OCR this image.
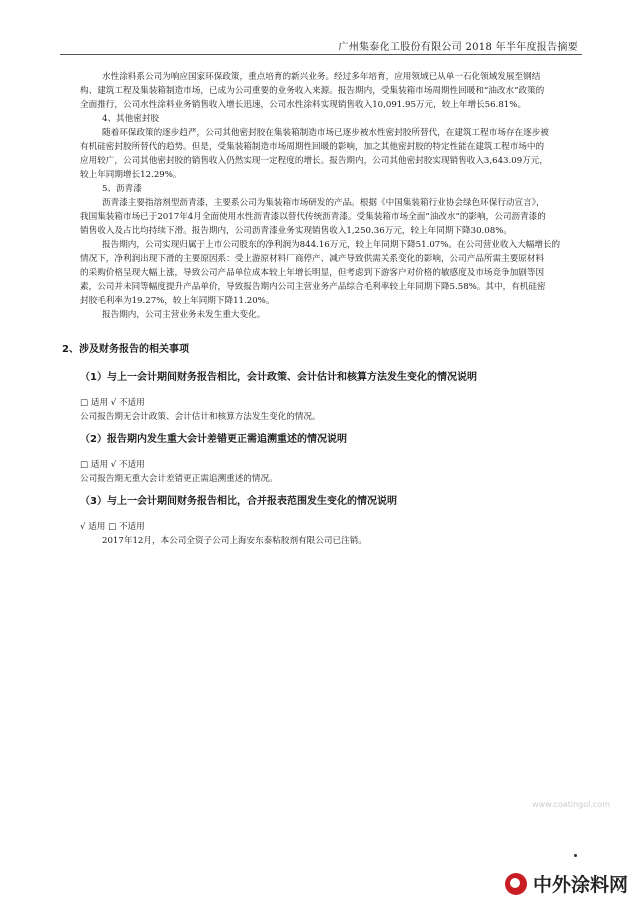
广州集泰化工股份有限公司 2018 年半年度报告摘要
水性涂料系公司为响应国家环保政策，重点培育的新兴业务。经过多年培育，应用领域已从单一石化领域发展至钢结
构、建筑工程及集装箱制造市场，已成为公司重要的业务收入来源。报告期内，受集装箱市场周期性回暖和“油改水”政策的
全面推行，公司水性涂料业务销售收入增长迅速，公司水性涂料实现销售收入10,091.95万元，较上年增长56.81%。
4、其他密封胶
随着环保政策的逐步趋严，公司其他密封胶在集装箱制造市场已逐步被水性密封胶所替代，在建筑工程市场存在逐步被
有机硅密封胶所替代的趋势。但是，受集装箱制造市场周期性回暖的影响，加之其他密封胶的特定性能在建筑工程市场中的
应用较广，公司其他密封胶的销售收入仍然实现一定程度的增长。报告期内，公司其他密封胶实现销售收入3,643.09万元，
较上年同期增长12.29%。
5、沥青漆
沥青漆主要指溶剂型沥青漆，主要系公司为集装箱市场研发的产品。根据《中国集装箱行业协会绿色环保行动宣言》，
我国集装箱市场已于2017年4月全面使用水性沥青漆以替代传统沥青漆。受集装箱市场全面“油改水”的影响，公司沥青漆的
销售收入及占比均持续下滑。报告期内，公司沥青漆业务实现销售收入1,250.36万元，较上年同期下降30.08%。
报告期内，公司实现归属于上市公司股东的净利润为844.16万元，较上年同期下降51.07%。在公司营业收入大幅增长的
情况下，净利润出现下滑的主要原因系：受上游原材料厂商停产、减产导致供需关系变化的影响，公司产品所需主要原材料
的采购价格呈现大幅上涨，导致公司产品单位成本较上年增长明显，但考虑到下游客户对价格的敏感度及市场竞争加剧等因
素，公司并未同等幅度提升产品单价，导致报告期内公司主营业务产品综合毛利率较上年同期下降5.58%。其中，有机硅密
封胶毛利率为19.27%，较上年同期下降11.20%。
报告期内，公司主营业务未发生重大变化。
2、涉及财务报告的相关事项
（1）与上一会计期间财务报告相比，会计政策、会计估计和核算方法发生变化的情况说明
□ 适用 √ 不适用
公司报告期无会计政策、会计估计和核算方法发生变化的情况。
（2）报告期内发生重大会计差错更正需追溯重述的情况说明
□ 适用 √ 不适用
公司报告期无重大会计差错更正需追溯重述的情况。
（3）与上一会计期间财务报告相比，合并报表范围发生变化的情况说明
√ 适用 □ 不适用
2017年12月，本公司全资子公司上海安东泰粘胶剂有限公司已注销。
www.coatingol.com
中外涂料网
